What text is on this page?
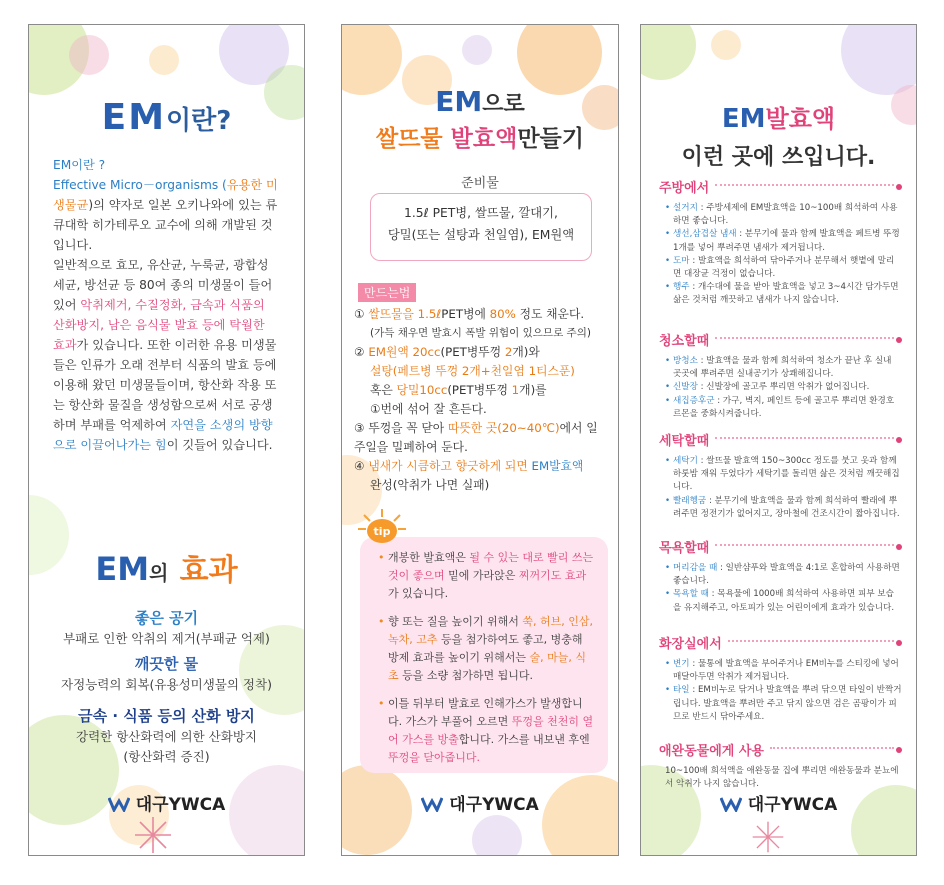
EM이란?
EM이란 ?
Effective Micro－organisms (유용한 미생물균)의 약자로 일본 오키나와에 있는 류큐대학 히가테루오 교수에 의해 개발된 것입니다.
일반적으로 효모, 유산균, 누룩균, 광합성 세균, 방선균 등 80여 종의 미생물이 들어 있어 악취제거, 수질정화, 금속과 식품의 산화방지, 남은 음식물 발효 등에 탁월한 효과가 있습니다. 또한 이러한 유용 미생물들은 인류가 오래 전부터 식품의 발효 등에 이용해 왔던 미생물들이며, 항산화 작용 또는 항산화 물질을 생성함으로써 서로 공생하며 부패를 억제하여 자연을 소생의 방향으로 이끌어나가는 힘이 깃들어 있습니다.
EM의 효과
좋은 공기
부패로 인한 악취의 제거(부패균 억제)
깨끗한 물
자정능력의 회복(유용성미생물의 정착)
금속 · 식품 등의 산화 방지
강력한 항산화력에 의한 산화방지
(항산화력 증진)
대구YWCA
EM으로
쌀뜨물 발효액만들기
준비물
1.5ℓ PET병, 쌀뜨물, 깔대기,
당밀(또는 설탕과 천일염), EM원액
만드는법
① 쌀뜨물을 1.5ℓPET병에 80% 정도 채운다.
(가득 채우면 발효시 폭발 위험이 있으므로 주의)
② EM원액 20cc(PET병뚜껑 2개)와
설탕(페트병 뚜껑 2개+천일염 1티스푼)
혹은 당밀10cc(PET병뚜껑 1개)를
①번에 섞어 잘 흔든다.
③ 뚜껑을 꼭 닫아 따뜻한 곳(20~40℃)에서 일주일을 밀폐하여 둔다.
④ 냄새가 시큼하고 향긋하게 되면 EM발효액
완성(악취가 나면 실패)
tip
• 개봉한 발효액은 될 수 있는 대로 빨리 쓰는 것이 좋으며 밑에 가라앉은 찌꺼기도 효과가 있습니다.
• 향 또는 질을 높이기 위해서 쑥, 허브, 인삼,녹차, 고추 등을 첨가하여도 좋고, 병충해 방제 효과를 높이기 위해서는 술, 마늘, 식초 등을 소량 첨가하면 됩니다.
• 이틀 뒤부터 발효로 인해가스가 발생합니다. 가스가 부풀어 오르면 뚜껑을 천천히 열어 가스를 방출합니다. 가스를 내보낸 후엔 뚜껑을 닫아줍니다.
대구YWCA
EM발효액
이런 곳에 쓰입니다.
주방에서
• 설거지 : 주방세제에 EM발효액을 10~100배 희석하여 사용하면 좋습니다.
• 생선,삼겹살 냄새 : 분무기에 물과 함께 발효액을 페트병 뚜껑 1개를 넣어 뿌려주면 냄새가 제거됩니다.
• 도마 : 발효액을 희석하여 닦아주거나 분무해서 햇볕에 말리면 대장균 걱정이 없습니다.
• 행주 : 개수대에 물을 받아 발효액을 넣고 3~4시간 담가두면 삶은 것처럼 깨끗하고 냄새가 나지 않습니다.
청소할때
• 방청소 : 발효액을 물과 함께 희석하여 청소가 끝난 후 실내 곳곳에 뿌려주면 실내공기가 상쾌해집니다.
• 신발장 : 신발장에 골고루 뿌리면 악취가 없어집니다.
• 새집증후군 : 가구, 벽지, 페인트 등에 골고루 뿌리면 환경호르몬을 중화시켜줍니다.
세탁할때
• 세탁기 : 쌀뜨물 발효액 150~300cc 정도를 붓고 옷과 함께 하룻밤 재워 두었다가 세탁기를 돌리면 삶은 것처럼 깨끗해집니다.
• 빨래헹굼 : 분무기에 발효액을 물과 함께 희석하여 빨래에 뿌려주면 정전기가 없어지고, 장마철에 건조시간이 짧아집니다.
목욕할때
• 머리감을 때 : 일반샴푸와 발효액을 4:1로 혼합하여 사용하면 좋습니다.
• 목욕할 때 : 목욕물에 1000배 희석하여 사용하면 피부 보습을 유지해주고, 아토피가 있는 어린이에게 효과가 있습니다.
화장실에서
• 변기 : 물통에 발효액을 부어주거나 EM비누를 스티킹에 넣어 매달아두면 악취가 제거됩니다.
• 타일 : EM비누로 닦거나 발효액을 뿌려 닦으면 타일이 반짝거립니다. 발효액을 뿌려만 주고 닦지 않으면 검은 곰팡이가 피므로 반드시 닦아주세요.
애완동물에게 사용
10~100배 희석액을 애완동물 집에 뿌리면 애완동물과 분뇨에서 악취가 나지 않습니다.
대구YWCA
